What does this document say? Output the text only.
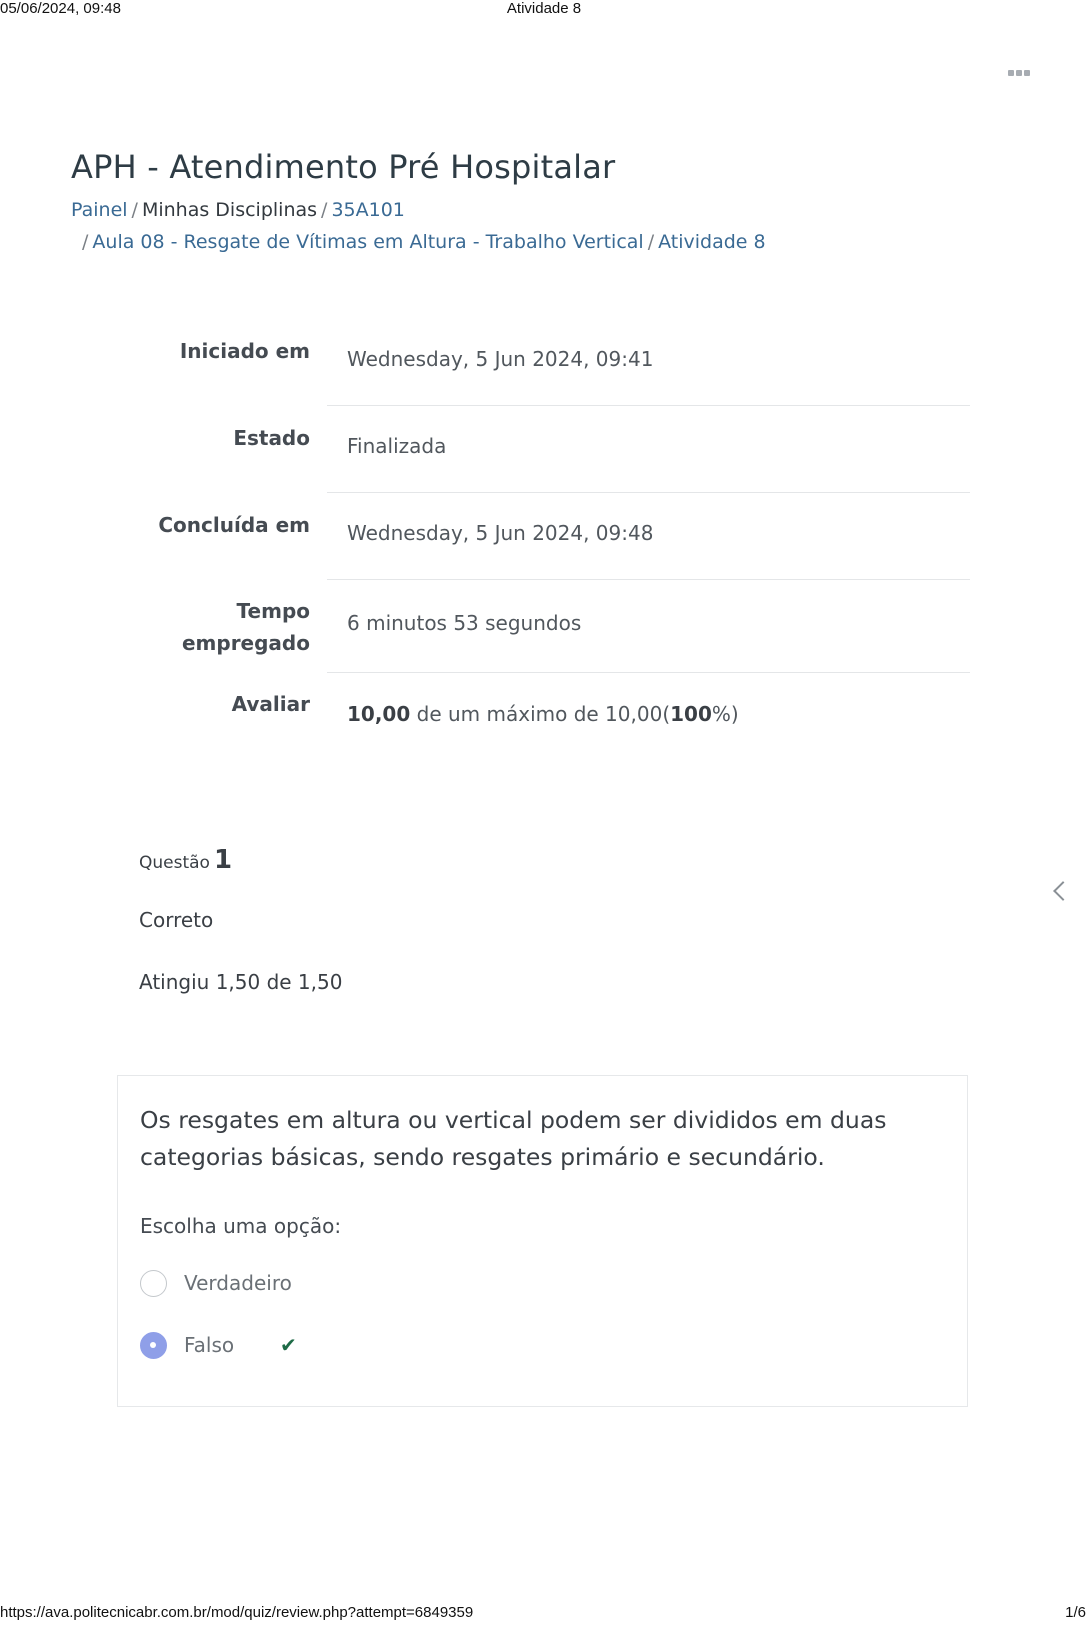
05/06/2024, 09:48	Atividade 8
APH - Atendimento Pré Hospitalar
Painel / Minhas Disciplinas / 35A101
/ Aula 08 - Resgate de Vítimas em Altura - Trabalho Vertical / Atividade 8
Iniciado em Wednesday, 5 Jun 2024, 09:41
Estado Finalizada
Concluída em Wednesday, 5 Jun 2024, 09:48
Tempo
empregado
6 minutos 53 segundos
Avaliar 10,00 de um máximo de 10,00(100%)
Questão 1
Correto
Atingiu 1,50 de 1,50
Os resgates em altura ou vertical podem ser divididos em duas categorias básicas, sendo resgates primário e secundário.
Escolha uma opção:
Verdadeiro
Falso ✔
https://ava.politecnicabr.com.br/mod/quiz/review.php?attempt=6849359	1/6
